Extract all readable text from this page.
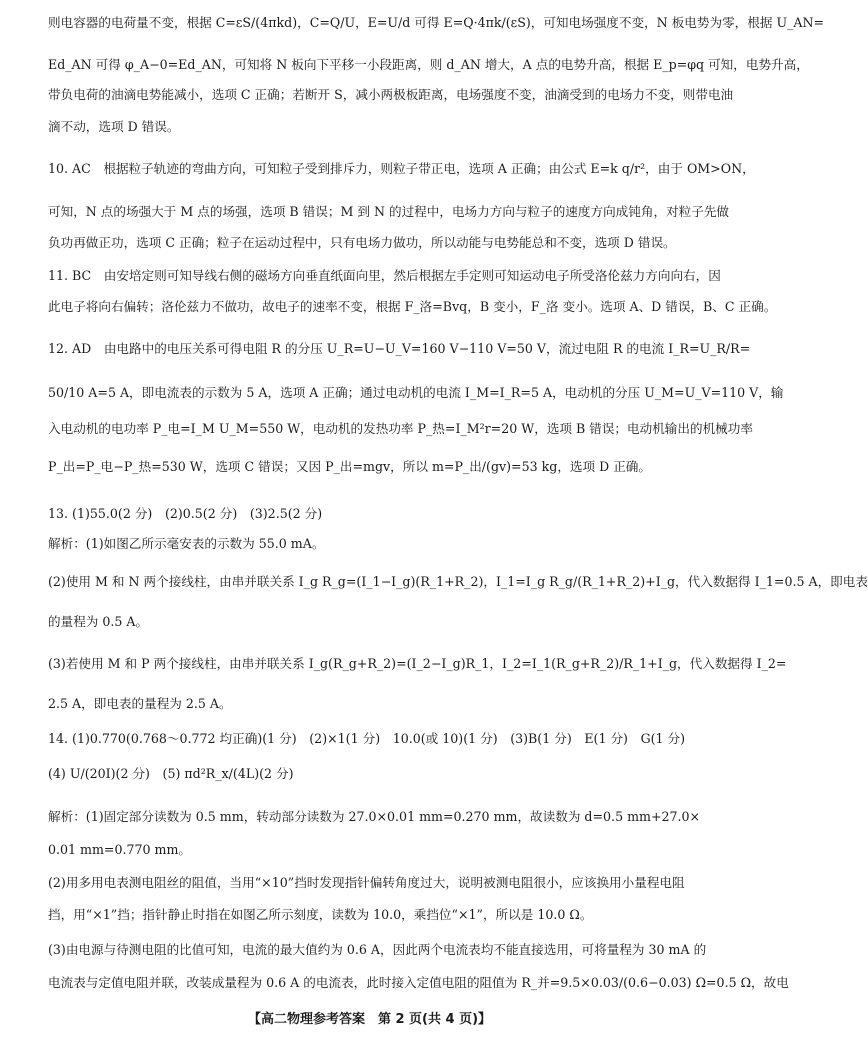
则电容器的电荷量不变，根据 C=εS/(4πkd)，C=Q/U，E=U/d 可得 E=Q·4πk/(εS)，可知电场强度不变，N 板电势为零，根据 U_AN=
Ed_AN 可得 φ_A−0=Ed_AN，可知将 N 板向下平移一小段距离，则 d_AN 增大，A 点的电势升高，根据 E_p=φq 可知，电势升高，
带负电荷的油滴电势能减小，选项 C 正确；若断开 S，减小两极板距离，电场强度不变，油滴受到的电场力不变，则带电油
滴不动，选项 D 错误。
10. AC　根据粒子轨迹的弯曲方向，可知粒子受到排斥力，则粒子带正电，选项 A 正确；由公式 E=k q/r²，由于 OM>ON，
可知，N 点的场强大于 M 点的场强，选项 B 错误；M 到 N 的过程中，电场力方向与粒子的速度方向成钝角，对粒子先做
负功再做正功，选项 C 正确；粒子在运动过程中，只有电场力做功，所以动能与电势能总和不变，选项 D 错误。
11. BC　由安培定则可知导线右侧的磁场方向垂直纸面向里，然后根据左手定则可知运动电子所受洛伦兹力方向向右，因
此电子将向右偏转；洛伦兹力不做功，故电子的速率不变，根据 F_洛=Bvq，B 变小，F_洛 变小。选项 A、D 错误，B、C 正确。
12. AD　由电路中的电压关系可得电阻 R 的分压 U_R=U−U_V=160 V−110 V=50 V，流过电阻 R 的电流 I_R=U_R/R=
50/10 A=5 A，即电流表的示数为 5 A，选项 A 正确；通过电动机的电流 I_M=I_R=5 A，电动机的分压 U_M=U_V=110 V，输
入电动机的电功率 P_电=I_M U_M=550 W，电动机的发热功率 P_热=I_M²r=20 W，选项 B 错误；电动机输出的机械功率
P_出=P_电−P_热=530 W，选项 C 错误；又因 P_出=mgv，所以 m=P_出/(gv)=53 kg，选项 D 正确。
13. (1)55.0(2 分)　(2)0.5(2 分)　(3)2.5(2 分)
解析：(1)如图乙所示毫安表的示数为 55.0 mA。
(2)使用 M 和 N 两个接线柱，由串并联关系 I_g R_g=(I_1−I_g)(R_1+R_2)，I_1=I_g R_g/(R_1+R_2)+I_g，代入数据得 I_1=0.5 A，即电表
的量程为 0.5 A。
(3)若使用 M 和 P 两个接线柱，由串并联关系 I_g(R_g+R_2)=(I_2−I_g)R_1，I_2=I_1(R_g+R_2)/R_1+I_g，代入数据得 I_2=
2.5 A，即电表的量程为 2.5 A。
14. (1)0.770(0.768～0.772 均正确)(1 分)　(2)×1(1 分)　10.0(或 10)(1 分)　(3)B(1 分)　E(1 分)　G(1 分)
(4) U/(20I)(2 分)　(5) πd²R_x/(4L)(2 分)
解析：(1)固定部分读数为 0.5 mm，转动部分读数为 27.0×0.01 mm=0.270 mm，故读数为 d=0.5 mm+27.0×
0.01 mm=0.770 mm。
(2)用多用电表测电阻丝的阻值，当用“×10”挡时发现指针偏转角度过大，说明被测电阻很小，应该换用小量程电阻
挡，用“×1”挡；指针静止时指在如图乙所示刻度，读数为 10.0，乘挡位“×1”，所以是 10.0 Ω。
(3)由电源与待测电阻的比值可知，电流的最大值约为 0.6 A，因此两个电流表均不能直接选用，可将量程为 30 mA 的
电流表与定值电阻并联，改装成量程为 0.6 A 的电流表，此时接入定值电阻的阻值为 R_并=9.5×0.03/(0.6−0.03) Ω=0.5 Ω，故电
【高二物理参考答案　第 2 页(共 4 页)】
